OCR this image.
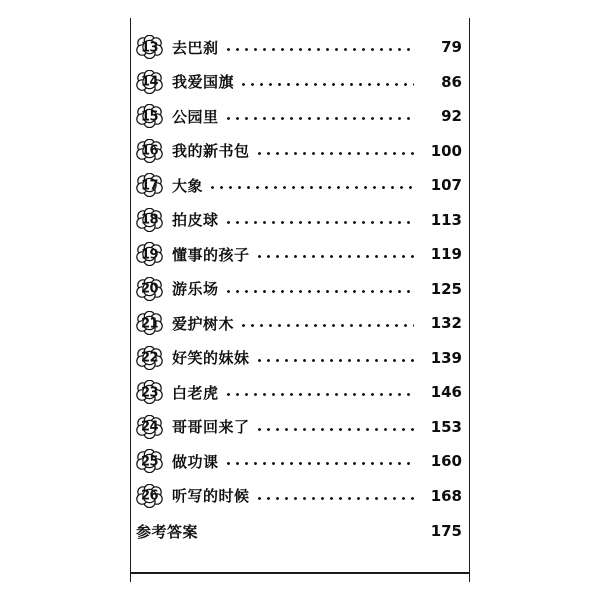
13 去巴刹	79
14 我爱国旗	86
15 公园里	92
16 我的新书包	100
17 大象	107
18 拍皮球	113
19 懂事的孩子	119
20 游乐场	125
21 爱护树木	132
22 好笑的妹妹	139
23 白老虎	146
24 哥哥回来了	153
25 做功课	160
26 听写的时候	168
参考答案	175
